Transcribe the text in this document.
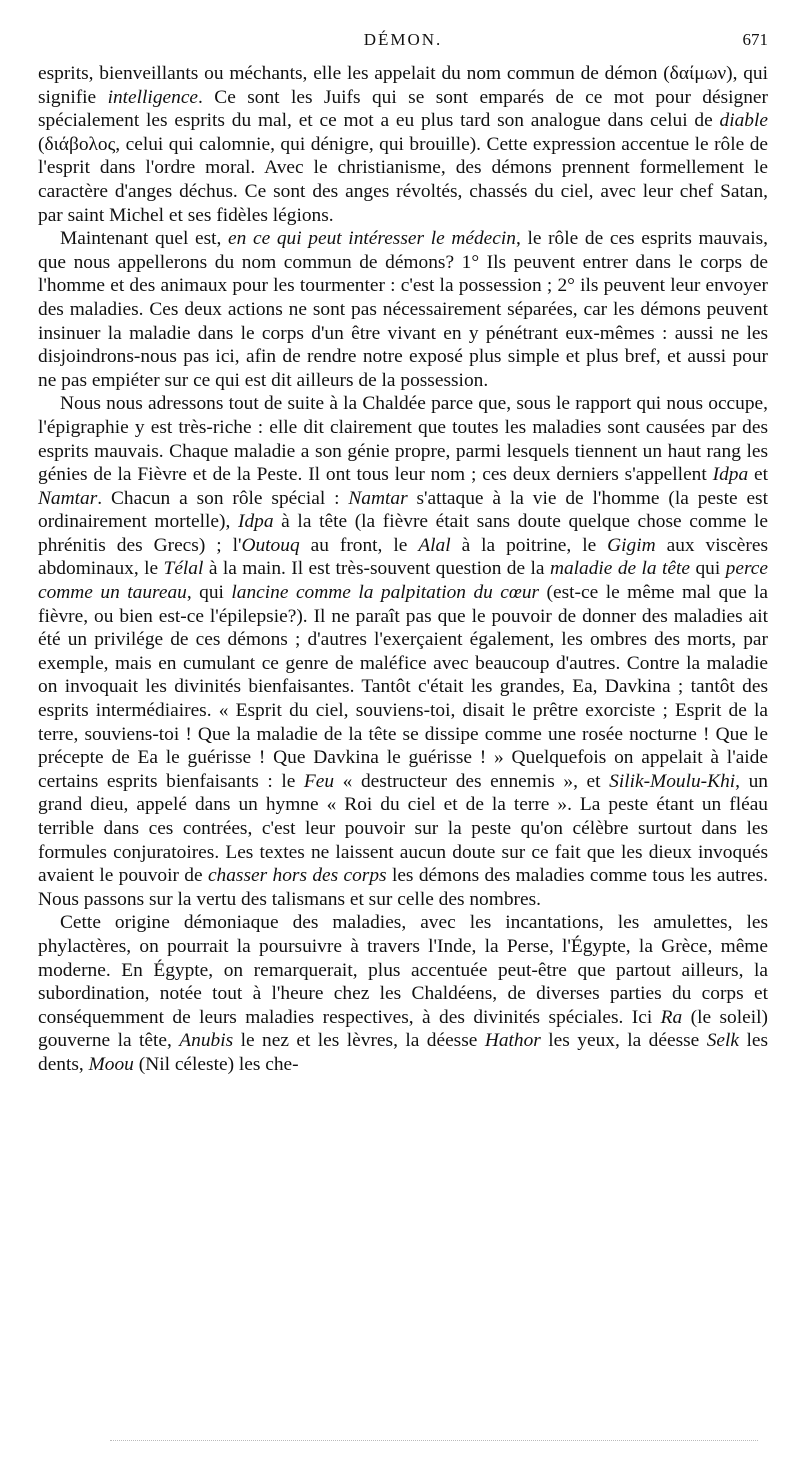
DÉMON.	671

esprits, bienveillants ou méchants, elle les appelait du nom commun de démon (δαίμων), qui signifie intelligence. Ce sont les Juifs qui se sont emparés de ce mot pour désigner spécialement les esprits du mal, et ce mot a eu plus tard son analogue dans celui de diable (διάβολος, celui qui calomnie, qui dénigre, qui brouille). Cette expression accentue le rôle de l'esprit dans l'ordre moral. Avec le christianisme, des démons prennent formellement le caractère d'anges déchus. Ce sont des anges révoltés, chassés du ciel, avec leur chef Satan, par saint Michel et ses fidèles légions.

Maintenant quel est, en ce qui peut intéresser le médecin, le rôle de ces esprits mauvais, que nous appellerons du nom commun de démons? 1° Ils peuvent entrer dans le corps de l'homme et des animaux pour les tourmenter : c'est la possession ; 2° ils peuvent leur envoyer des maladies. Ces deux actions ne sont pas nécessairement séparées, car les démons peuvent insinuer la maladie dans le corps d'un être vivant en y pénétrant eux-mêmes : aussi ne les disjoindrons-nous pas ici, afin de rendre notre exposé plus simple et plus bref, et aussi pour ne pas empiéter sur ce qui est dit ailleurs de la possession.

Nous nous adressons tout de suite à la Chaldée parce que, sous le rapport qui nous occupe, l'épigraphie y est très-riche : elle dit clairement que toutes les maladies sont causées par des esprits mauvais. Chaque maladie a son génie propre, parmi lesquels tiennent un haut rang les génies de la Fièvre et de la Peste. Il ont tous leur nom ; ces deux derniers s'appellent Idpa et Namtar. Chacun a son rôle spécial : Namtar s'attaque à la vie de l'homme (la peste est ordinairement mortelle), Idpa à la tête (la fièvre était sans doute quelque chose comme le phrénitis des Grecs) ; l'Outouq au front, le Alal à la poitrine, le Gigim aux viscères abdominaux, le Télal à la main. Il est très-souvent question de la maladie de la tête qui perce comme un taureau, qui lancine comme la palpitation du cœur (est-ce le même mal que la fièvre, ou bien est-ce l'épilepsie?). Il ne paraît pas que le pouvoir de donner des maladies ait été un privilége de ces démons ; d'autres l'exerçaient également, les ombres des morts, par exemple, mais en cumulant ce genre de maléfice avec beaucoup d'autres. Contre la maladie on invoquait les divinités bienfaisantes. Tantôt c'était les grandes, Ea, Davkina ; tantôt des esprits intermédiaires. « Esprit du ciel, souviens-toi, disait le prêtre exorciste ; Esprit de la terre, souviens-toi ! Que la maladie de la tête se dissipe comme une rosée nocturne ! Que le précepte de Ea le guérisse ! Que Davkina le guérisse ! » Quelquefois on appelait à l'aide certains esprits bienfaisants : le Feu « destructeur des ennemis », et Silik-Moulu-Khi, un grand dieu, appelé dans un hymne « Roi du ciel et de la terre ». La peste étant un fléau terrible dans ces contrées, c'est leur pouvoir sur la peste qu'on célèbre surtout dans les formules conjuratoires. Les textes ne laissent aucun doute sur ce fait que les dieux invoqués avaient le pouvoir de chasser hors des corps les démons des maladies comme tous les autres. Nous passons sur la vertu des talismans et sur celle des nombres.

Cette origine démoniaque des maladies, avec les incantations, les amulettes, les phylactères, on pourrait la poursuivre à travers l'Inde, la Perse, l'Égypte, la Grèce, même moderne. En Égypte, on remarquerait, plus accentuée peut-être que partout ailleurs, la subordination, notée tout à l'heure chez les Chaldéens, de diverses parties du corps et conséquemment de leurs maladies respectives, à des divinités spéciales. Ici Ra (le soleil) gouverne la tête, Anubis le nez et les lèvres, la déesse Hathor les yeux, la déesse Selk les dents, Moou (Nil céleste) les che-
